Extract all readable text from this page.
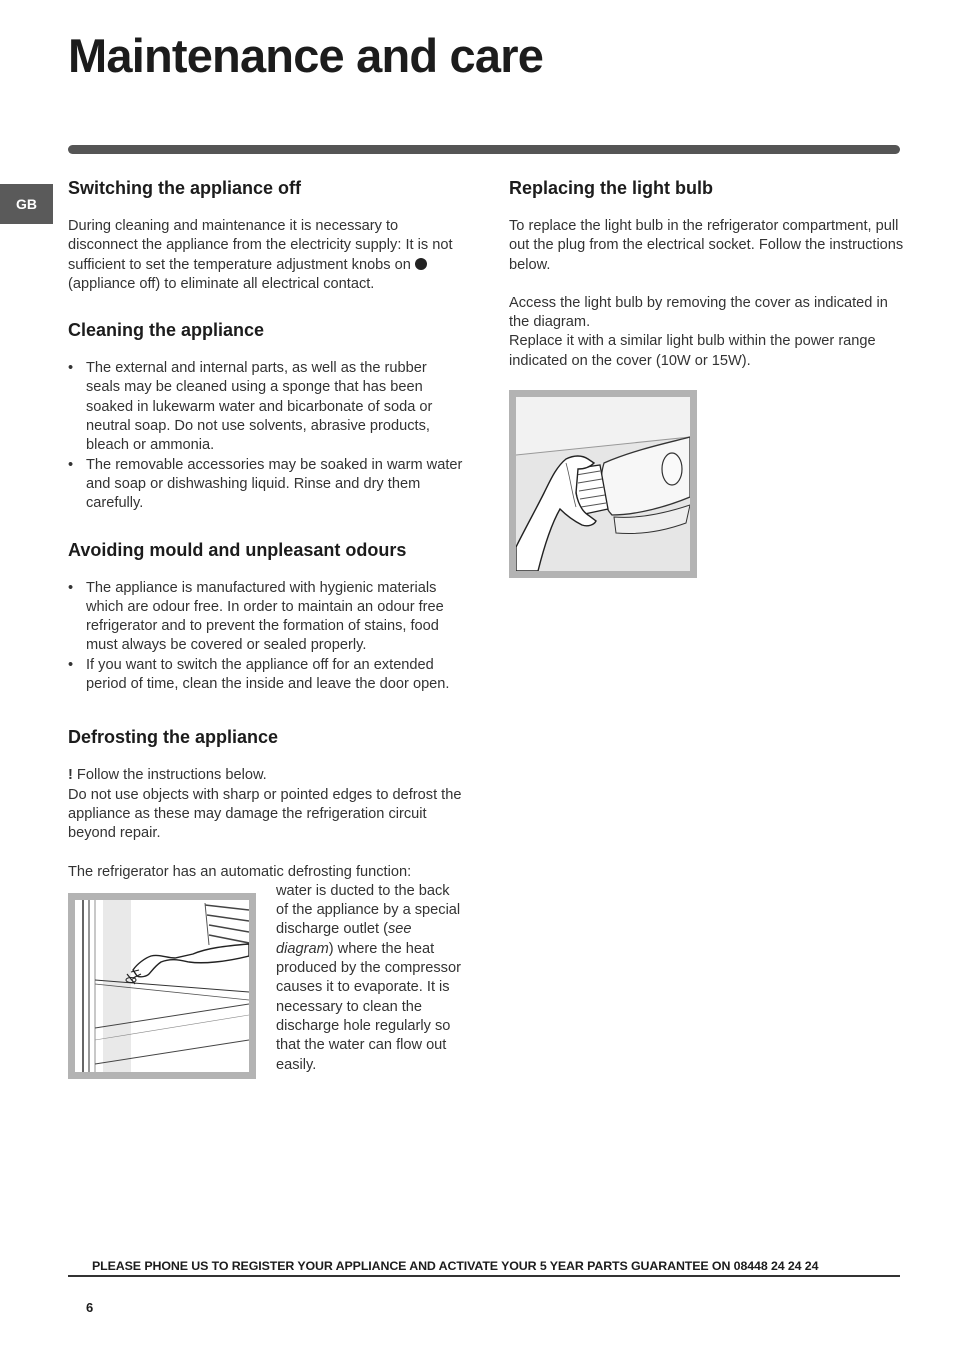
Maintenance and care
GB
Switching the appliance off

During cleaning and maintenance it is necessary to disconnect the appliance from the electricity supply: It is not sufficient to set the temperature adjustment knobs on  (appliance off) to eliminate all electrical contact.

Cleaning the appliance
• The external and internal parts, as well as the rubber seals may be cleaned using a sponge that has been soaked in lukewarm water and bicarbonate of soda or neutral soap. Do not use solvents, abrasive products, bleach or ammonia.
• The removable accessories may be soaked in warm water and soap or dishwashing liquid. Rinse and dry them carefully.
Avoiding mould and unpleasant odours
• The appliance is manufactured with hygienic materials which are odour free. In order to maintain an odour free refrigerator and to prevent the formation of stains, food must always be covered or sealed properly.
• If you want to switch the appliance off for an extended period of time, clean the inside and leave the door open.
Defrosting the appliance

! Follow the instructions below.

Do not use objects with sharp or pointed edges to defrost the appliance as these may damage the refrigeration circuit beyond repair.

The refrigerator has an automatic defrosting function:

water is ducted to the back of the appliance by a special discharge outlet (see diagram) where the heat produced by the compressor causes it to evaporate. It is necessary to clean the discharge hole regularly so that the water can flow out easily.

Replacing the light bulb

To replace the light bulb in the refrigerator compartment, pull out the plug from the electrical socket. Follow the instructions below.

Access the light bulb by removing the cover as indicated in the diagram.

Replace it with a similar light bulb within the power range indicated on the cover (10W or 15W).

PLEASE PHONE US TO REGISTER YOUR APPLIANCE AND ACTIVATE YOUR 5 YEAR PARTS GUARANTEE ON 08448 24 24 24
6
